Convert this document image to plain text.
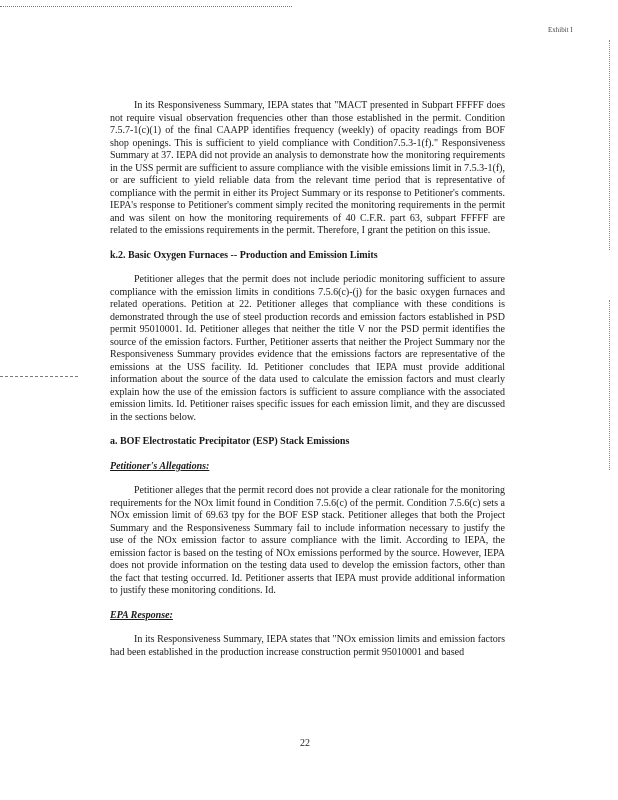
Exhibit I

In its Responsiveness Summary, IEPA states that "MACT presented in Subpart FFFFF does not require visual observation frequencies other than those established in the permit. Condition 7.5.7-1(c)(1) of the final CAAPP identifies frequency (weekly) of opacity readings from BOF shop openings. This is sufficient to yield compliance with Condition7.5.3-1(f)." Responsiveness Summary at 37. IEPA did not provide an analysis to demonstrate how the monitoring requirements in the USS permit are sufficient to assure compliance with the visible emissions limit in 7.5.3-1(f), or are sufficient to yield reliable data from the relevant time period that is representative of compliance with the permit in either its Project Summary or its response to Petitioner's comments. IEPA's response to Petitioner's comment simply recited the monitoring requirements in the permit and was silent on how the monitoring requirements of 40 C.F.R. part 63, subpart FFFFF are related to the emissions requirements in the permit. Therefore, I grant the petition on this issue.

k.2. Basic Oxygen Furnaces -- Production and Emission Limits

Petitioner alleges that the permit does not include periodic monitoring sufficient to assure compliance with the emission limits in conditions 7.5.6(c)-(j) for the basic oxygen furnaces and related operations. Petition at 22. Petitioner alleges that compliance with these conditions is demonstrated through the use of steel production records and emission factors established in PSD permit 95010001. Id. Petitioner alleges that neither the title V nor the PSD permit identifies the source of the emission factors. Further, Petitioner asserts that neither the Project Summary nor the Responsiveness Summary provides evidence that the emissions factors are representative of the emissions at the USS facility. Id. Petitioner concludes that IEPA must provide additional information about the source of the data used to calculate the emission factors and must clearly explain how the use of the emission factors is sufficient to assure compliance with the associated emission limits. Id. Petitioner raises specific issues for each emission limit, and they are discussed in the sections below.

a. BOF Electrostatic Precipitator (ESP) Stack Emissions
Petitioner's Allegations:

Petitioner alleges that the permit record does not provide a clear rationale for the monitoring requirements for the NOx limit found in Condition 7.5.6(c) of the permit. Condition 7.5.6(c) sets a NOx emission limit of 69.63 tpy for the BOF ESP stack. Petitioner alleges that both the Project Summary and the Responsiveness Summary fail to include information necessary to justify the use of the NOx emission factor to assure compliance with the limit. According to IEPA, the emission factor is based on the testing of NOx emissions performed by the source. However, IEPA does not provide information on the testing data used to develop the emission factors, other than the fact that testing occurred. Id. Petitioner asserts that IEPA must provide additional information to justify these monitoring conditions. Id.

EPA Response:

In its Responsiveness Summary, IEPA states that "NOx emission limits and emission factors had been established in the production increase construction permit 95010001 and based

22
